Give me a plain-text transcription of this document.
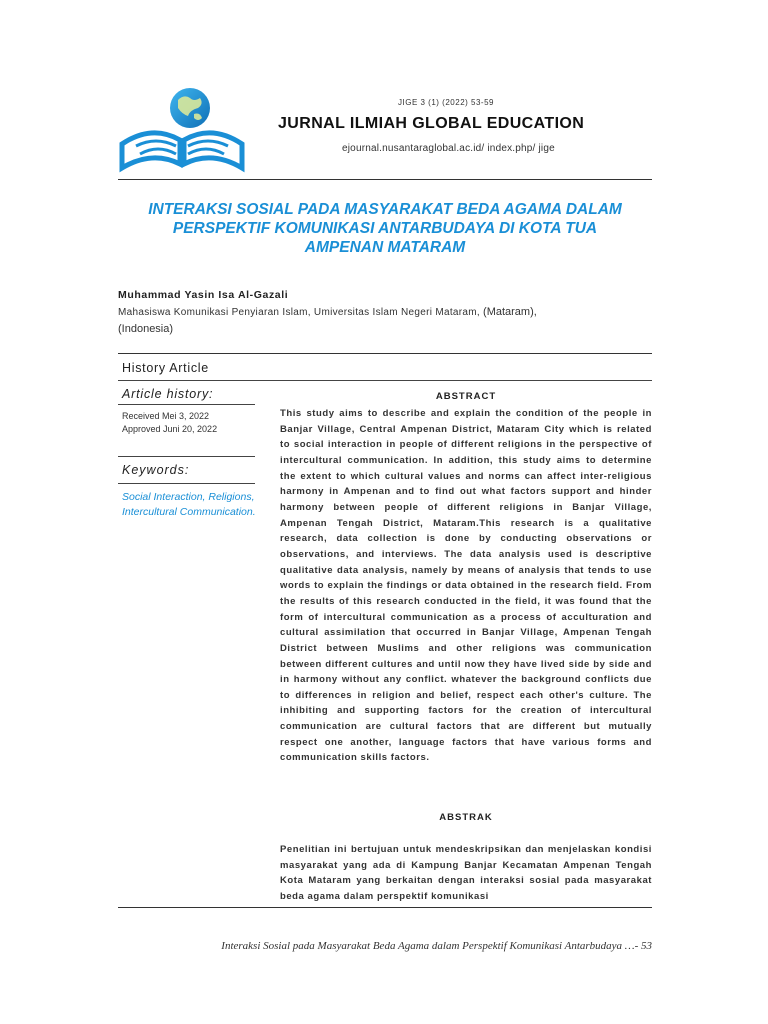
JIGE 3 (1) (2022) 53-59
JURNAL ILMIAH GLOBAL EDUCATION
ejournal.nusantaraglobal.ac.id/ index.php/ jige
INTERAKSI SOSIAL PADA MASYARAKAT BEDA AGAMA DALAM
PERSPEKTIF KOMUNIKASI ANTARBUDAYA DI KOTA TUA
AMPENAN MATARAM
Muhammad Yasin Isa Al-Gazali
Mahasiswa Komunikasi Penyiaran Islam, Umiversitas Islam Negeri Mataram, (Mataram),
(Indonesia)
History Article
Article history:
Received Mei 3, 2022
Approved Juni 20, 2022
Keywords:
Social Interaction, Religions, Intercultural Communication.
ABSTRACT
This study aims to describe and explain the condition of the people in Banjar Village, Central Ampenan District, Mataram City which is related to social interaction in people of different religions in the perspective of intercultural communication. In addition, this study aims to determine the extent to which cultural values and norms can affect inter-religious harmony in Ampenan and to find out what factors support and hinder harmony between people of different religions in Banjar Village, Ampenan Tengah District, Mataram.This research is a qualitative research, data collection is done by conducting observations or observations, and interviews. The data analysis used is descriptive qualitative data analysis, namely by means of analysis that tends to use words to explain the findings or data obtained in the research field. From the results of this research conducted in the field, it was found that the form of intercultural communication as a process of acculturation and cultural assimilation that occurred in Banjar Village, Ampenan Tengah District between Muslims and other religions was communication between different cultures and until now they have lived side by side and in harmony without any conflict. whatever the background conflicts due to differences in religion and belief, respect each other's culture. The inhibiting and supporting factors for the creation of intercultural communication are cultural factors that are different but mutually respect one another, language factors that have various forms and communication skills factors.
ABSTRAK
Penelitian ini bertujuan untuk mendeskripsikan dan menjelaskan kondisi masyarakat yang ada di Kampung Banjar Kecamatan Ampenan Tengah Kota Mataram yang berkaitan dengan interaksi sosial pada masyarakat beda agama dalam perspektif komunikasi
Interaksi Sosial pada Masyarakat Beda Agama dalam Perspektif Komunikasi Antarbudaya …- 53
